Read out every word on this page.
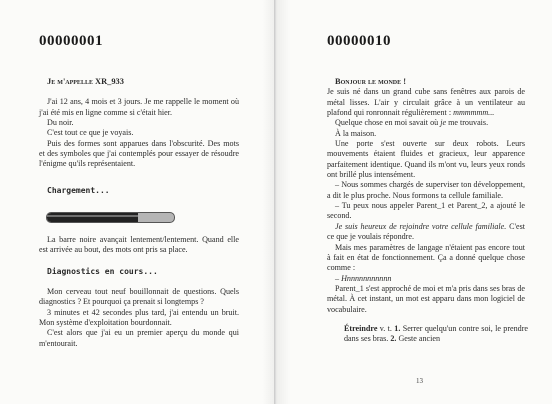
00000001

Je m'appelle XR_933

J'ai 12 ans, 4 mois et 3 jours. Je me rappelle le moment où j'ai été mis en ligne comme si c'était hier.

Du noir.

C'est tout ce que je voyais.

Puis des formes sont apparues dans l'obscurité. Des mots et des symboles que j'ai contemplés pour essayer de résoudre l'énigme qu'ils représentaient.

Chargement...

La barre noire avançait lentement/lentement. Quand elle est arrivée au bout, des mots ont pris sa place.

Diagnostics en cours...

Mon cerveau tout neuf bouillonnait de questions. Quels diagnostics ? Et pourquoi ça prenait si longtemps ?

3 minutes et 42 secondes plus tard, j'ai entendu un bruit. Mon système d'exploitation bourdonnait.

C'est alors que j'ai eu un premier aperçu du monde qui m'entourait.

00000010

Bonjour le monde !

Je suis né dans un grand cube sans fenêtres aux parois de métal lisses. L'air y circulait grâce à un ventilateur au plafond qui ronronnait régulièrement : mmmmmm...

Quelque chose en moi savait où je me trouvais.

À la maison.

Une porte s'est ouverte sur deux robots. Leurs mouvements étaient fluides et gracieux, leur apparence parfaitement identique. Quand ils m'ont vu, leurs yeux ronds ont brillé plus intensément.

– Nous sommes chargés de superviser ton développement, a dit le plus proche. Nous formons ta cellule familiale.

– Tu peux nous appeler Parent_1 et Parent_2, a ajouté le second.

Je suis heureux de rejoindre votre cellule familiale. C'est ce que je voulais répondre.

Mais mes paramètres de langage n'étaient pas encore tout à fait en état de fonctionnement. Ça a donné quelque chose comme :

– Hnnnnnnnnnnn

Parent_1 s'est approché de moi et m'a pris dans ses bras de métal. À cet instant, un mot est apparu dans mon logiciel de vocabulaire.

Étreindre v. t. 1. Serrer quelqu'un contre soi, le prendre dans ses bras. 2. Geste ancien

13
